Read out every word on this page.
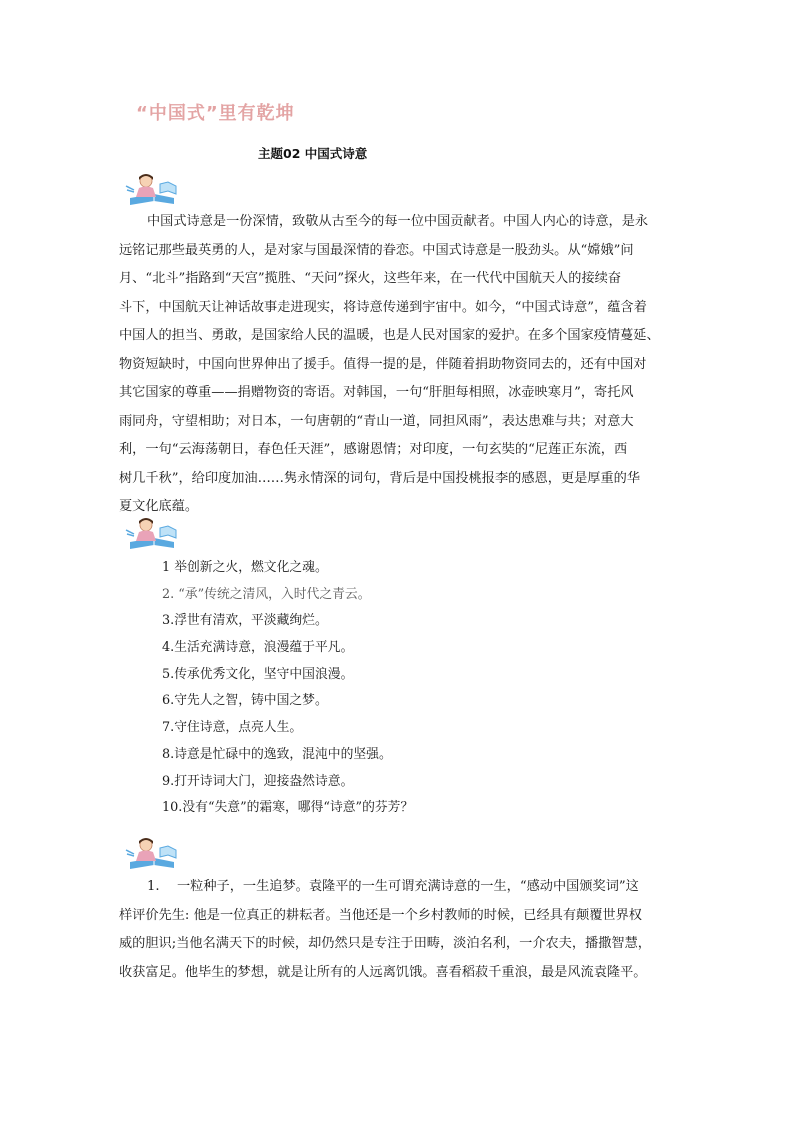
“中国式”里有乾坤
主题02 中国式诗意

中国式诗意是一份深情，致敬从古至今的每一位中国贡献者。中国人内心的诗意，是永
远铭记那些最英勇的人，是对家与国最深情的眷恋。中国式诗意是一股劲头。从“嫦娥”问
月、“北斗”指路到“天宫”揽胜、“天问”探火，这些年来，在一代代中国航天人的接续奋
斗下，中国航天让神话故事走进现实，将诗意传递到宇宙中。如今，“中国式诗意”，蕴含着
中国人的担当、勇敢，是国家给人民的温暖，也是人民对国家的爱护。在多个国家疫情蔓延、
物资短缺时，中国向世界伸出了援手。值得一提的是，伴随着捐助物资同去的，还有中国对
其它国家的尊重——捐赠物资的寄语。对韩国，一句“肝胆每相照，冰壶映寒月”，寄托风
雨同舟，守望相助；对日本，一句唐朝的“青山一道，同担风雨”，表达患难与共；对意大
利，一句“云海荡朝日，春色任天涯”，感谢恩情；对印度，一句玄奘的“尼莲正东流，西
树几千秋”，给印度加油……隽永情深的词句，背后是中国投桃报李的感恩，更是厚重的华
夏文化底蕴。

1 举创新之火，燃文化之魂。
2. “承”传统之清风，入时代之青云。
3.浮世有清欢，平淡藏绚烂。
4.生活充满诗意，浪漫蕴于平凡。
5.传承优秀文化，坚守中国浪漫。
6.守先人之智，铸中国之梦。
7.守住诗意，点亮人生。
8.诗意是忙碌中的逸致，混沌中的坚强。
9.打开诗词大门，迎接盎然诗意。
10.没有“失意”的霜寒，哪得“诗意”的芬芳？

1.　 一粒种子，一生追梦。袁隆平的一生可谓充满诗意的一生，“感动中国颁奖词”这
样评价先生: 他是一位真正的耕耘者。当他还是一个乡村教师的时候，已经具有颠覆世界权
威的胆识;当他名满天下的时候，却仍然只是专注于田畴，淡泊名利，一介农夫，播撒智慧，
收获富足。他毕生的梦想，就是让所有的人远离饥饿。喜看稻菽千重浪，最是风流袁隆平。
